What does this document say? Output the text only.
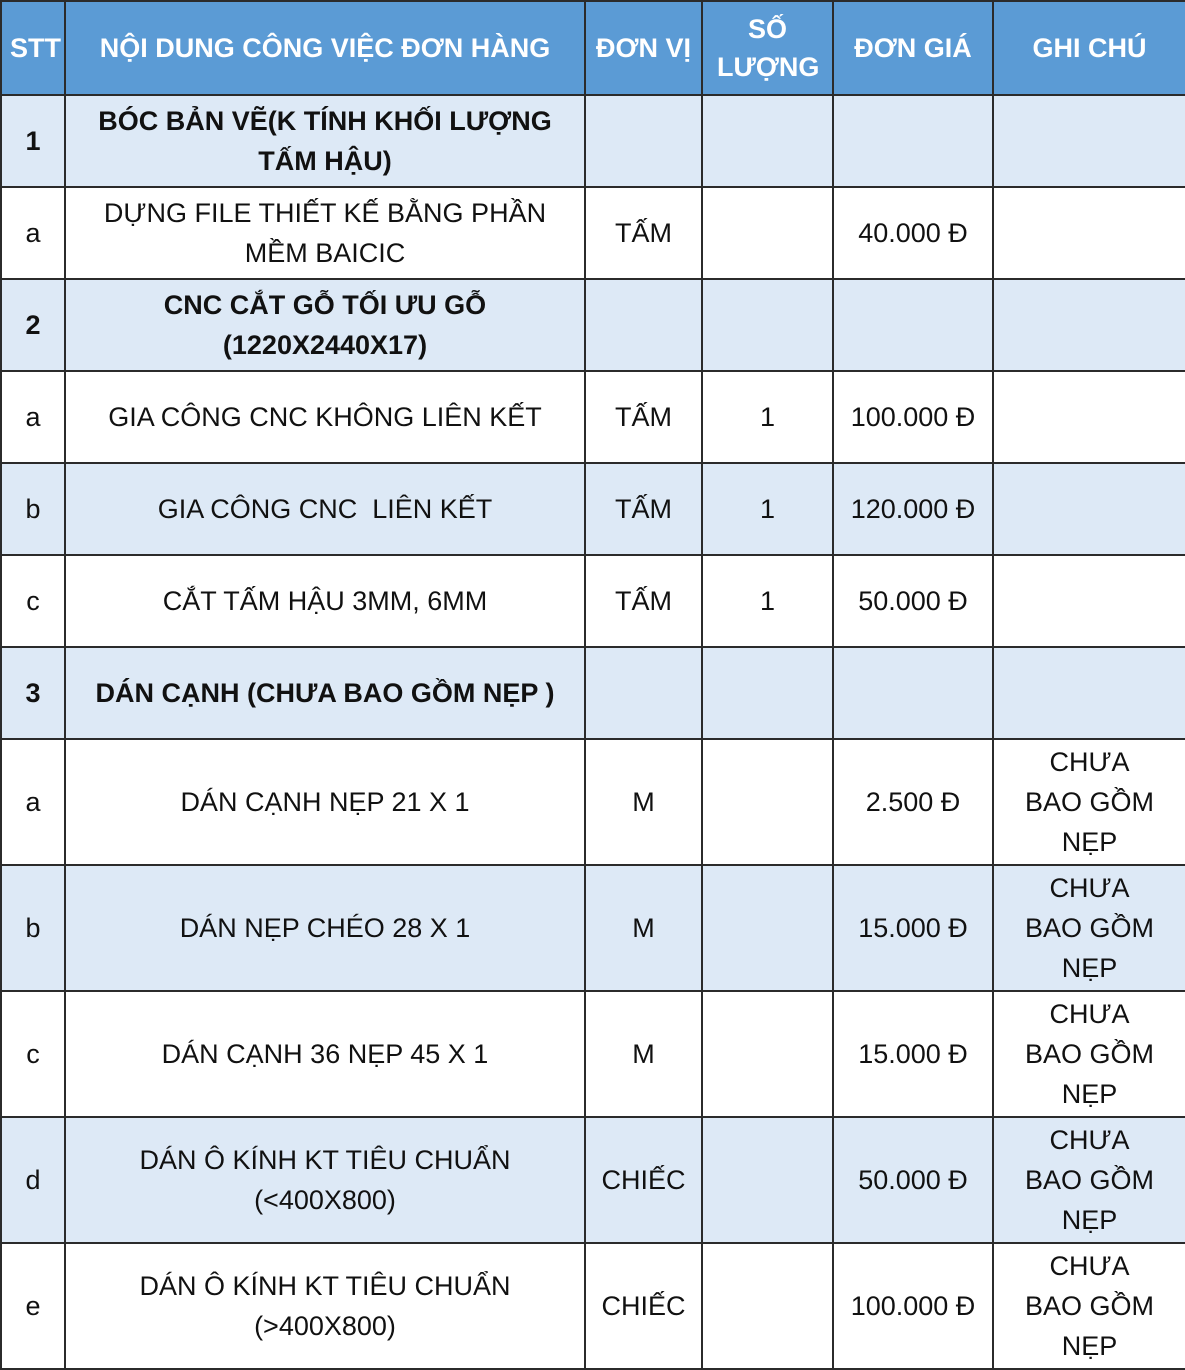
STT	NỘI DUNG CÔNG VIỆC ĐƠN HÀNG	ĐƠN VỊ	SỐ LƯỢNG	ĐƠN GIÁ	GHI CHÚ
1	BÓC BẢN VẼ(K TÍNH KHỐI LƯỢNG TẤM HẬU)				
a	DỰNG FILE THIẾT KẾ BẰNG PHẦN MỀM BAICIC	TẤM		40.000 Đ	
2	CNC CẮT GỖ TỐI ƯU GỖ (1220X2440X17)				
a	GIA CÔNG CNC KHÔNG LIÊN KẾT	TẤM	1	100.000 Đ	
b	GIA CÔNG CNC  LIÊN KẾT	TẤM	1	120.000 Đ	
c	CẮT TẤM HẬU 3MM, 6MM	TẤM	1	50.000 Đ	
3	DÁN CẠNH (CHƯA BAO GỒM NẸP )				
a	DÁN CẠNH NẸP 21 X 1	M		2.500 Đ	CHƯA BAO GỒM NẸP
b	DÁN NẸP CHÉO 28 X 1	M		15.000 Đ	CHƯA BAO GỒM NẸP
c	DÁN CẠNH 36 NẸP 45 X 1	M		15.000 Đ	CHƯA BAO GỒM NẸP
d	DÁN Ô KÍNH KT TIÊU CHUẨN (<400X800)	CHIẾC		50.000 Đ	CHƯA BAO GỒM NẸP
e	DÁN Ô KÍNH KT TIÊU CHUẨN (>400X800)	CHIẾC		100.000 Đ	CHƯA BAO GỒM NẸP
